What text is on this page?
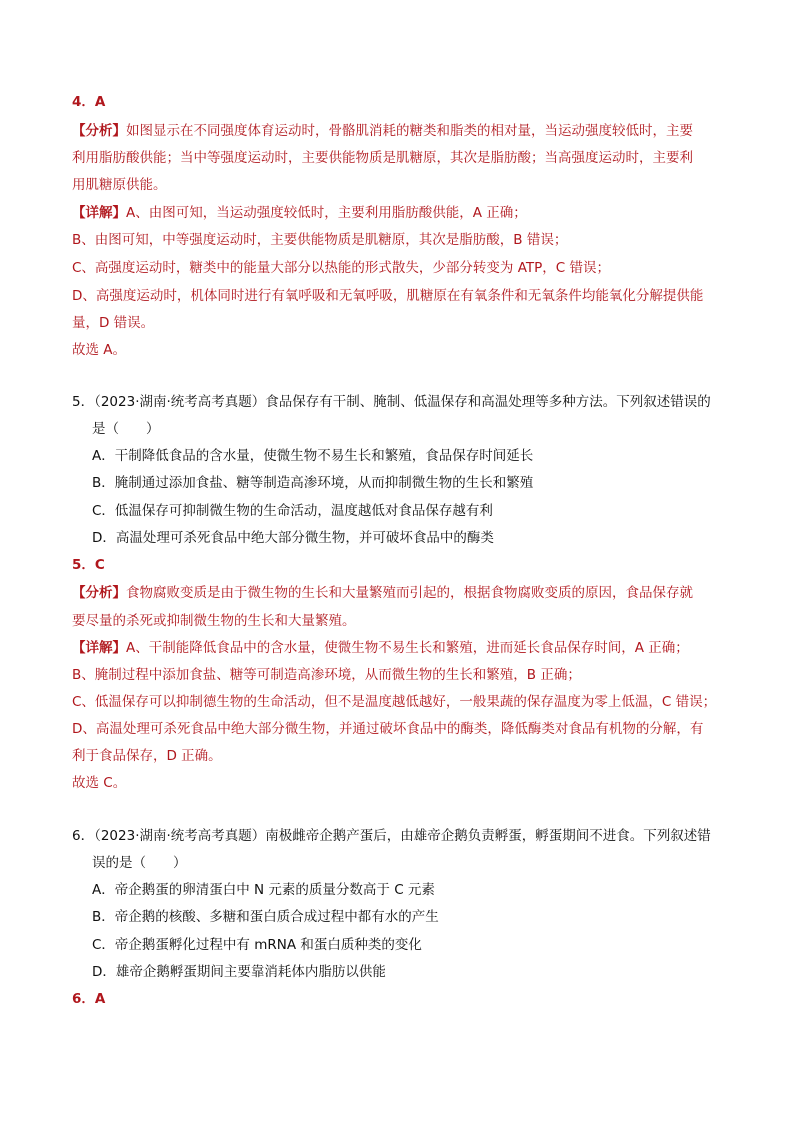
4．A
【分析】如图显示在不同强度体育运动时，骨骼肌消耗的糖类和脂类的相对量，当运动强度较低时，主要
利用脂肪酸供能；当中等强度运动时，主要供能物质是肌糖原，其次是脂肪酸；当高强度运动时，主要利
用肌糖原供能。
【详解】A、由图可知，当运动强度较低时，主要利用脂肪酸供能，A 正确；
B、由图可知，中等强度运动时，主要供能物质是肌糖原，其次是脂肪酸，B 错误；
C、高强度运动时，糖类中的能量大部分以热能的形式散失，少部分转变为 ATP，C 错误；
D、高强度运动时，机体同时进行有氧呼吸和无氧呼吸，肌糖原在有氧条件和无氧条件均能氧化分解提供能
量，D 错误。
故选 A。
5．（2023·湖南·统考高考真题）食品保存有干制、腌制、低温保存和高温处理等多种方法。下列叙述错误的
是（　　）
A．干制降低食品的含水量，使微生物不易生长和繁殖，食品保存时间延长
B．腌制通过添加食盐、糖等制造高渗环境，从而抑制微生物的生长和繁殖
C．低温保存可抑制微生物的生命活动，温度越低对食品保存越有利
D．高温处理可杀死食品中绝大部分微生物，并可破坏食品中的酶类
5．C
【分析】食物腐败变质是由于微生物的生长和大量繁殖而引起的，根据食物腐败变质的原因，食品保存就
要尽量的杀死或抑制微生物的生长和大量繁殖。
【详解】A、干制能降低食品中的含水量，使微生物不易生长和繁殖，进而延长食品保存时间，A 正确；
B、腌制过程中添加食盐、糖等可制造高渗环境，从而微生物的生长和繁殖，B 正确；
C、低温保存可以抑制德生物的生命活动，但不是温度越低越好，一般果蔬的保存温度为零上低温，C 错误；
D、高温处理可杀死食品中绝大部分微生物，并通过破坏食品中的酶类，降低酶类对食品有机物的分解，有
利于食品保存，D 正确。
故选 C。
6．（2023·湖南·统考高考真题）南极雌帝企鹅产蛋后，由雄帝企鹅负责孵蛋，孵蛋期间不进食。下列叙述错
误的是（　　）
A．帝企鹅蛋的卵清蛋白中 N 元素的质量分数高于 C 元素
B．帝企鹅的核酸、多糖和蛋白质合成过程中都有水的产生
C．帝企鹅蛋孵化过程中有 mRNA 和蛋白质种类的变化
D．雄帝企鹅孵蛋期间主要靠消耗体内脂肪以供能
6．A
